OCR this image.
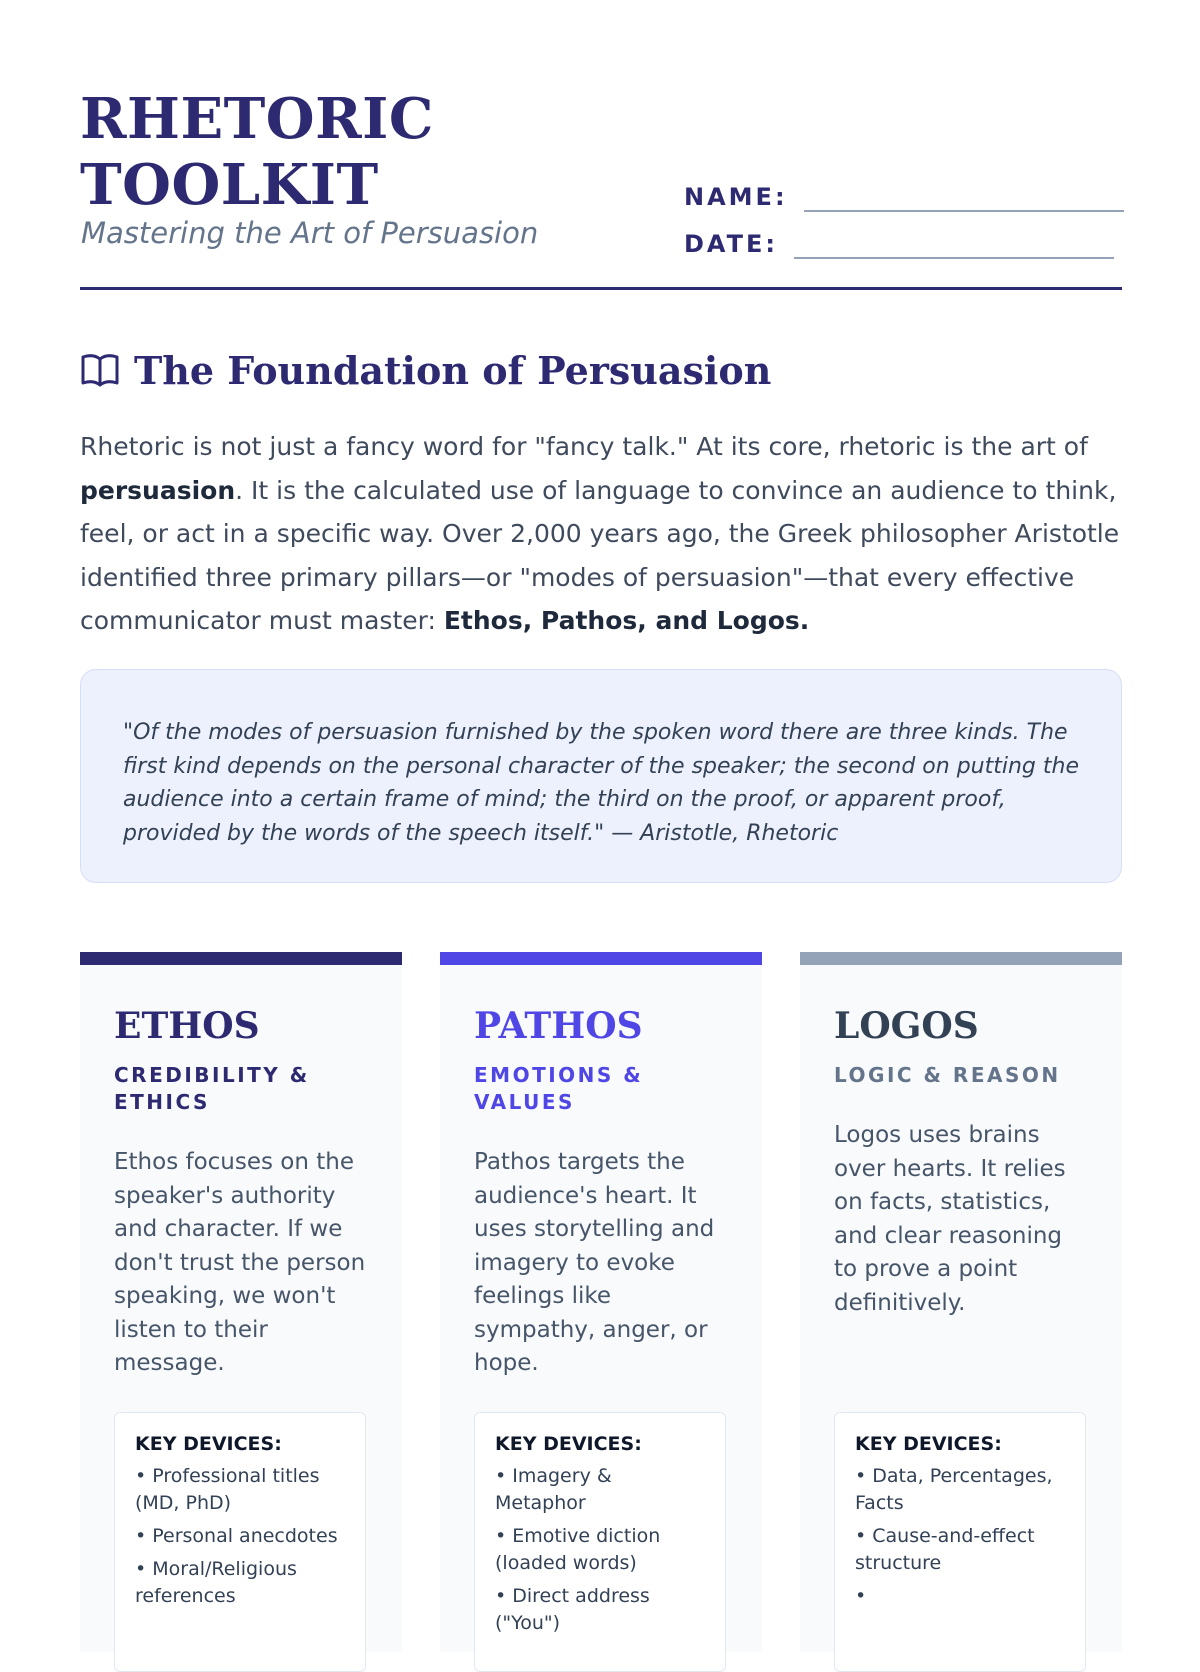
RHETORIC
TOOLKIT
Mastering the Art of Persuasion
NAME:
DATE:
The Foundation of Persuasion

Rhetoric is not just a fancy word for "fancy talk." At its core, rhetoric is the art of persuasion. It is the calculated use of language to convince an audience to think, feel, or act in a specific way. Over 2,000 years ago, the Greek philosopher Aristotle identified three primary pillars—or "modes of persuasion"—that every effective communicator must master: Ethos, Pathos, and Logos.

"Of the modes of persuasion furnished by the spoken word there are three kinds. The first kind depends on the personal character of the speaker; the second on putting the audience into a certain frame of mind; the third on the proof, or apparent proof, provided by the words of the speech itself." — Aristotle, Rhetoric

ETHOS
CREDIBILITY & ETHICS
Ethos focuses on the speaker's authority and character. If we don't trust the person speaking, we won't listen to their message.
KEY DEVICES:
• Professional titles (MD, PhD)
• Personal anecdotes
• Moral/Religious references
PATHOS
EMOTIONS & VALUES
Pathos targets the audience's heart. It uses storytelling and imagery to evoke feelings like sympathy, anger, or hope.
KEY DEVICES:
• Imagery & Metaphor
• Emotive diction (loaded words)
• Direct address ("You")
LOGOS
LOGIC & REASON
Logos uses brains over hearts. It relies on facts, statistics, and clear reasoning to prove a point definitively.
KEY DEVICES:
• Data, Percentages, Facts
• Cause-and-effect structure
•
